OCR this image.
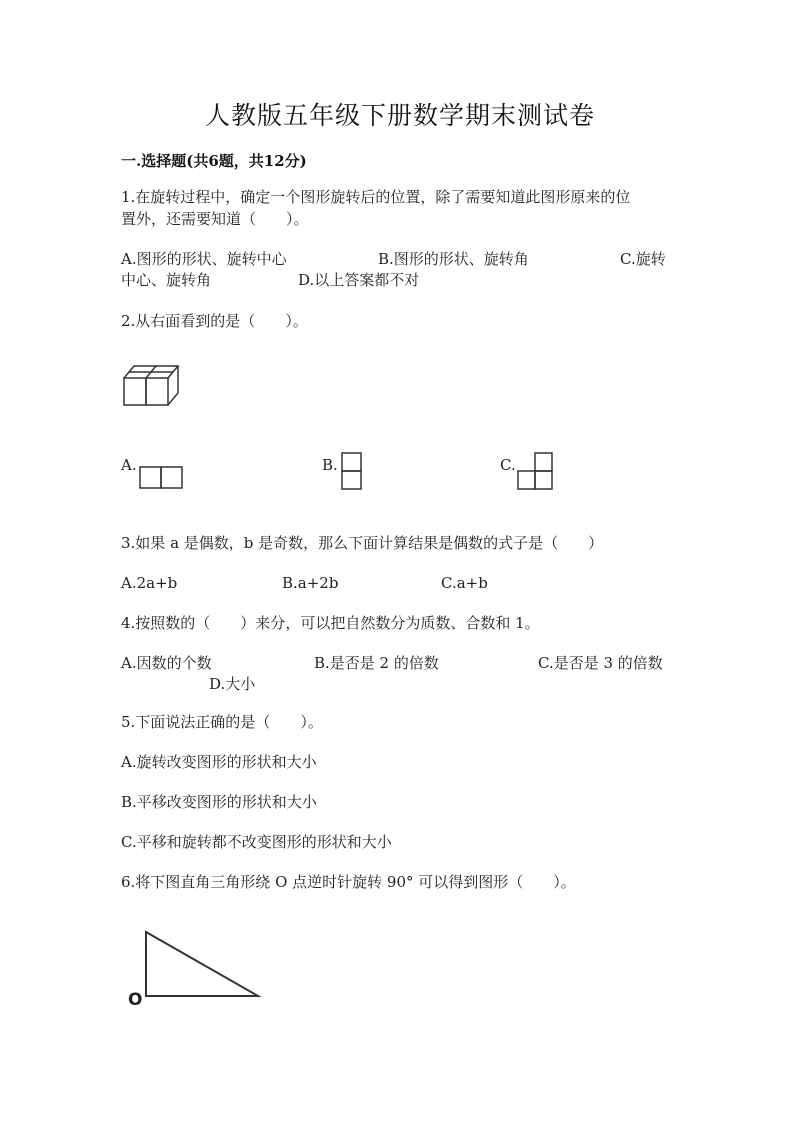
人教版五年级下册数学期末测试卷
一.选择题(共6题，共12分)
1.在旋转过程中，确定一个图形旋转后的位置，除了需要知道此图形原来的位
置外，还需要知道（　　）。
A.图形的形状、旋转中心	B.图形的形状、旋转角	C.旋转
中心、旋转角	D.以上答案都不对
2.从右面看到的是（　　）。
A.	B.	C.
3.如果 a 是偶数，b 是奇数，那么下面计算结果是偶数的式子是（　　）
A.2a+b	B.a+2b	C.a+b
4.按照数的（　　）来分，可以把自然数分为质数、合数和 1。
A.因数的个数	B.是否是 2 的倍数	C.是否是 3 的倍数
D.大小
5.下面说法正确的是（　　）。
A.旋转改变图形的形状和大小
B.平移改变图形的形状和大小
C.平移和旋转都不改变图形的形状和大小
6.将下图直角三角形绕 O 点逆时针旋转 90° 可以得到图形（　　）。
O
